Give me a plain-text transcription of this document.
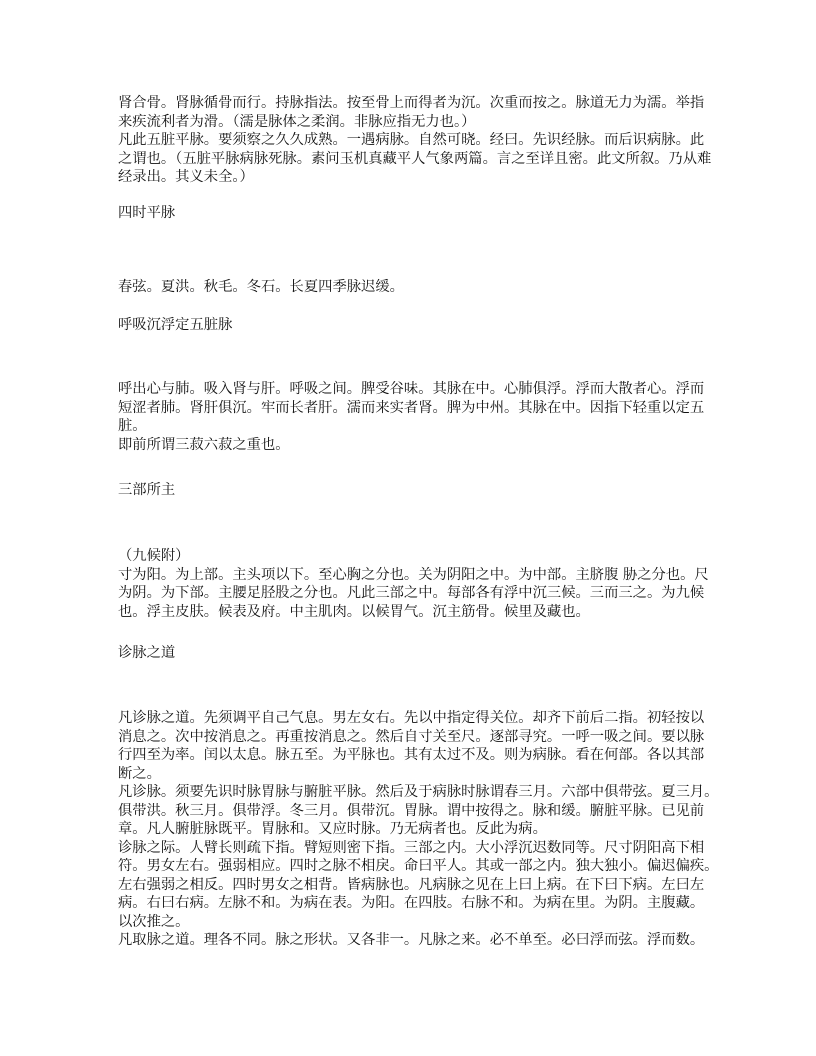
肾合骨。肾脉循骨而行。持脉指法。按至骨上而得者为沉。次重而按之。脉道无力为濡。举指
来疾流利者为滑。（濡是脉体之柔润。非脉应指无力也。）
凡此五脏平脉。要须察之久久成熟。一遇病脉。自然可晓。经曰。先识经脉。而后识病脉。此
之谓也。（五脏平脉病脉死脉。素问玉机真藏平人气象两篇。言之至详且密。此文所叙。乃从难
经录出。其义未全。）
四时平脉
春弦。夏洪。秋毛。冬石。长夏四季脉迟缓。
呼吸沉浮定五脏脉
呼出心与肺。吸入肾与肝。呼吸之间。脾受谷味。其脉在中。心肺俱浮。浮而大散者心。浮而
短涩者肺。肾肝俱沉。牢而长者肝。濡而来实者肾。脾为中州。其脉在中。因指下轻重以定五
脏。
即前所谓三菽六菽之重也。
三部所主
（九候附）
寸为阳。为上部。主头项以下。至心胸之分也。关为阴阳之中。为中部。主脐腹 胁之分也。尺
为阴。为下部。主腰足胫股之分也。凡此三部之中。每部各有浮中沉三候。三而三之。为九候
也。浮主皮肤。候表及府。中主肌肉。以候胃气。沉主筋骨。候里及藏也。
诊脉之道
凡诊脉之道。先须调平自己气息。男左女右。先以中指定得关位。却齐下前后二指。初轻按以
消息之。次中按消息之。再重按消息之。然后自寸关至尺。逐部寻究。一呼一吸之间。要以脉
行四至为率。闰以太息。脉五至。为平脉也。其有太过不及。则为病脉。看在何部。各以其部
断之。
凡诊脉。须要先识时脉胃脉与腑脏平脉。然后及于病脉时脉谓春三月。六部中俱带弦。夏三月。
俱带洪。秋三月。俱带浮。冬三月。俱带沉。胃脉。谓中按得之。脉和缓。腑脏平脉。已见前
章。凡人腑脏脉既平。胃脉和。又应时脉。乃无病者也。反此为病。
诊脉之际。人臂长则疏下指。臂短则密下指。三部之内。大小浮沉迟数同等。尺寸阴阳高下相
符。男女左右。强弱相应。四时之脉不相戾。命曰平人。其或一部之内。独大独小。偏迟偏疾。
左右强弱之相反。四时男女之相背。皆病脉也。凡病脉之见在上曰上病。在下曰下病。左曰左
病。右曰右病。左脉不和。为病在表。为阳。在四肢。右脉不和。为病在里。为阴。主腹藏。
以次推之。
凡取脉之道。理各不同。脉之形状。又各非一。凡脉之来。必不单至。必曰浮而弦。浮而数。
